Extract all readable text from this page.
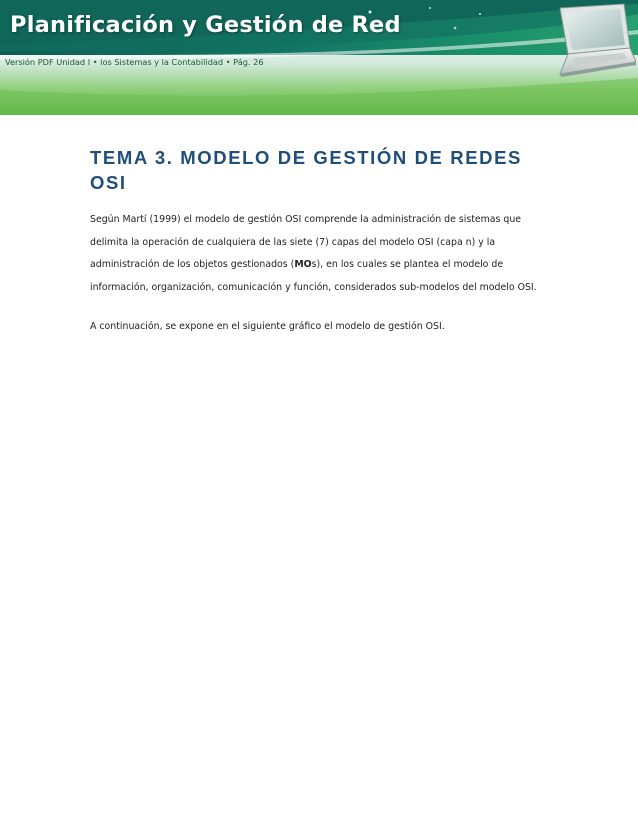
Planificación y Gestión de Red
Versión PDF Unidad I • los Sistemas y la Contabilidad • Pág. 26
TEMA 3. MODELO DE GESTIÓN DE REDES
OSI

Según Martí (1999) el modelo de gestión OSI comprende la administración de sistemas que delimita la operación de cualquiera de las siete (7) capas del modelo OSI (capa n) y la administración de los objetos gestionados (MOs), en los cuales se plantea el modelo de información, organización, comunicación y función, considerados sub-modelos del modelo OSI.

A continuación, se expone en el siguiente gráfico el modelo de gestión OSI.
